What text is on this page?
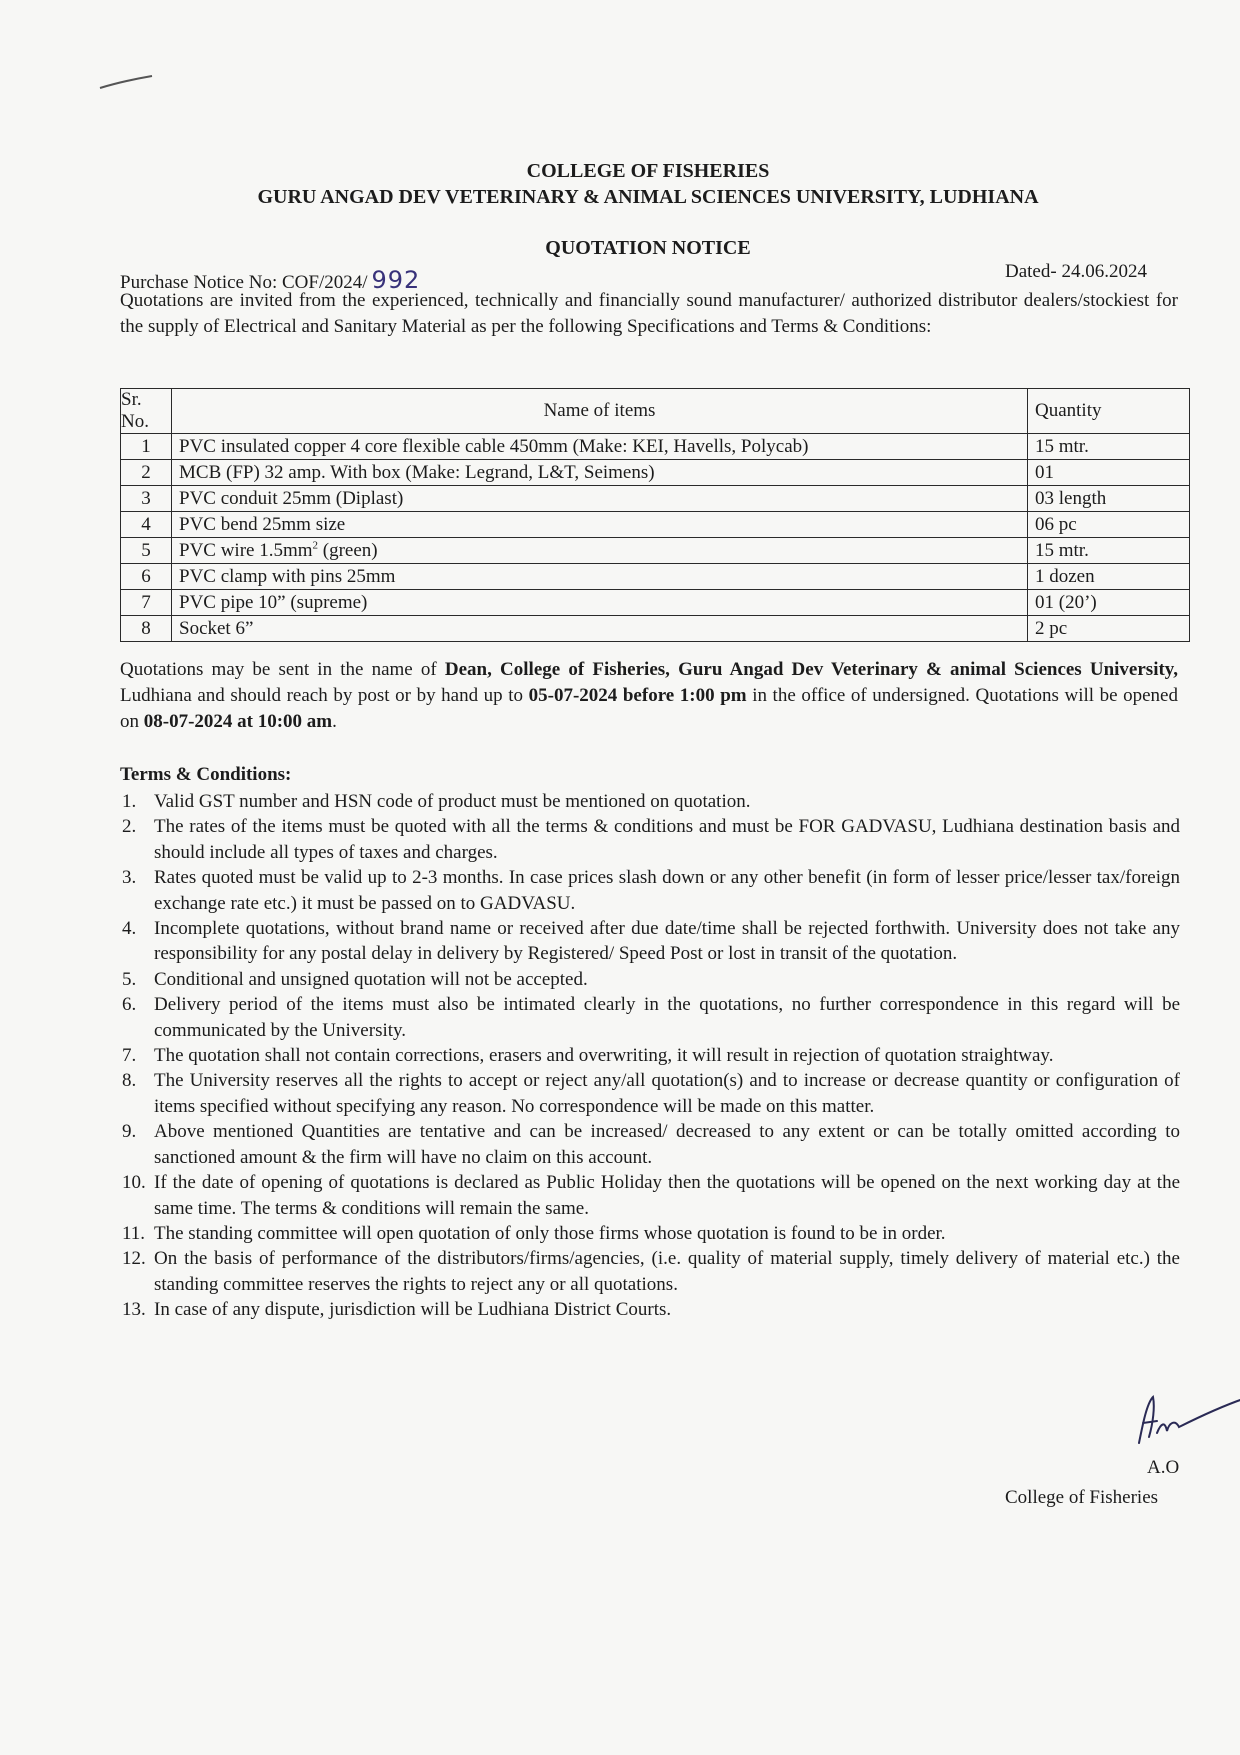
COLLEGE OF FISHERIES
GURU ANGAD DEV VETERINARY & ANIMAL SCIENCES UNIVERSITY, LUDHIANA
QUOTATION NOTICE
Purchase Notice No: COF/2024/ 992	Dated- 24.06.2024
Quotations are invited from the experienced, technically and financially sound manufacturer/ authorized distributor dealers/stockiest for the supply of Electrical and Sanitary Material as per the following Specifications and Terms & Conditions:
Sr. No.	Name of items	Quantity
1	PVC insulated copper 4 core flexible cable 450mm (Make: KEI, Havells, Polycab)	15 mtr.
2	MCB (FP) 32 amp. With box (Make: Legrand, L&T, Seimens)	01
3	PVC conduit 25mm (Diplast)	03 length
4	PVC bend 25mm size	06 pc
5	PVC wire $1.5mm^2$ (green)	15 mtr.
6	PVC clamp with pins 25mm	1 dozen
7	PVC pipe 10” (supreme)	01 (20’)
8	Socket 6”	2 pc
Quotations may be sent in the name of Dean, College of Fisheries, Guru Angad Dev Veterinary & animal Sciences University, Ludhiana and should reach by post or by hand up to 05-07-2024 before 1:00 pm in the office of undersigned. Quotations will be opened on 08-07-2024 at 10:00 am.
Terms & Conditions:
1. Valid GST number and HSN code of product must be mentioned on quotation.
2. The rates of the items must be quoted with all the terms & conditions and must be FOR GADVASU, Ludhiana destination basis and should include all types of taxes and charges.
3. Rates quoted must be valid up to 2-3 months. In case prices slash down or any other benefit (in form of lesser price/lesser tax/foreign exchange rate etc.) it must be passed on to GADVASU.
4. Incomplete quotations, without brand name or received after due date/time shall be rejected forthwith. University does not take any responsibility for any postal delay in delivery by Registered/ Speed Post or lost in transit of the quotation.
5. Conditional and unsigned quotation will not be accepted.
6. Delivery period of the items must also be intimated clearly in the quotations, no further correspondence in this regard will be communicated by the University.
7. The quotation shall not contain corrections, erasers and overwriting, it will result in rejection of quotation straightway.
8. The University reserves all the rights to accept or reject any/all quotation(s) and to increase or decrease quantity or configuration of items specified without specifying any reason. No correspondence will be made on this matter.
9. Above mentioned Quantities are tentative and can be increased/ decreased to any extent or can be totally omitted according to sanctioned amount & the firm will have no claim on this account.
10. If the date of opening of quotations is declared as Public Holiday then the quotations will be opened on the next working day at the same time. The terms & conditions will remain the same.
11. The standing committee will open quotation of only those firms whose quotation is found to be in order.
12. On the basis of performance of the distributors/firms/agencies, (i.e. quality of material supply, timely delivery of material etc.) the standing committee reserves the rights to reject any or all quotations.
13. In case of any dispute, jurisdiction will be Ludhiana District Courts.
A.O
College of Fisheries
